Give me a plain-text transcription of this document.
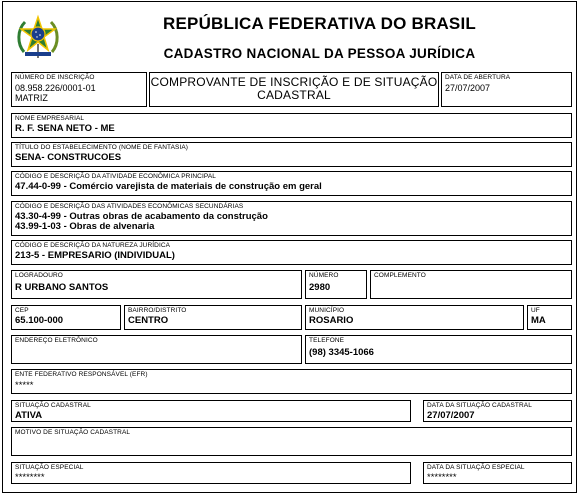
REPÚBLICA FEDERATIVA DO BRASIL
CADASTRO NACIONAL DA PESSOA JURÍDICA
NÚMERO DE INSCRIÇÃO
08.958.226/0001-01
MATRIZ
COMPROVANTE DE INSCRIÇÃO E DE SITUAÇÃO
CADASTRAL
DATA DE ABERTURA
27/07/2007
NOME EMPRESARIAL
R. F. SENA NETO - ME
TÍTULO DO ESTABELECIMENTO (NOME DE FANTASIA)
SENA- CONSTRUCOES
CÓDIGO E DESCRIÇÃO DA ATIVIDADE ECONÔMICA PRINCIPAL
47.44-0-99 - Comércio varejista de materiais de construção em geral
CÓDIGO E DESCRIÇÃO DAS ATIVIDADES ECONÔMICAS SECUNDÁRIAS
43.30-4-99 - Outras obras de acabamento da construção
43.99-1-03 - Obras de alvenaria
CÓDIGO E DESCRIÇÃO DA NATUREZA JURÍDICA
213-5 - EMPRESARIO (INDIVIDUAL)
LOGRADOURO
R URBANO SANTOS
NÚMERO
2980
COMPLEMENTO
CEP
65.100-000
BAIRRO/DISTRITO
CENTRO
MUNICÍPIO
ROSARIO
UF
MA
ENDEREÇO ELETRÔNICO	TELEFONE
(98) 3345-1066
ENTE FEDERATIVO RESPONSÁVEL (EFR)
*****
SITUAÇÃO CADASTRAL
ATIVA
DATA DA SITUAÇÃO CADASTRAL
27/07/2007
MOTIVO DE SITUAÇÃO CADASTRAL
SITUAÇÃO ESPECIAL
********
DATA DA SITUAÇÃO ESPECIAL
********
